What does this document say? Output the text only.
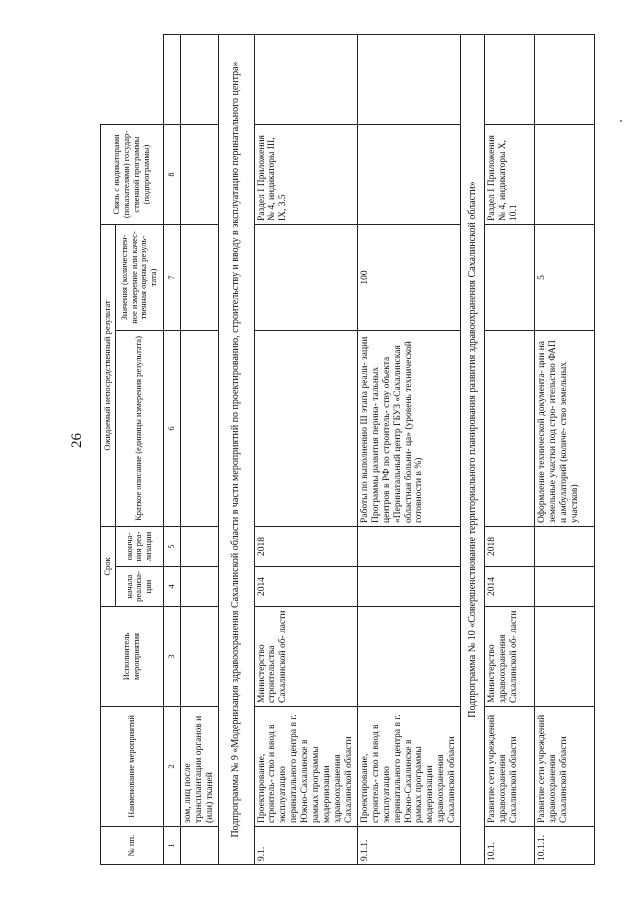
26
№ пп.	Наименование мероприятий	Исполнитель мероприятия	Срок		Ожидаемый непосредственный результат		Связь с индикаторами (показателями) государ- ственной программы (подпрограммы)	
			начала реализа- ции	оконча- ния реа- лизации	Краткое описание (единицы измерения результата)	Значения (количествен- ное измерение или качес- твенная оценка резуль- тата)		

1	2	3	4	5	6	7	8	
	зом, лиц после трансплантации органов и (или) тканей							
Подпрограмма № 9 «Модернизация здравоохранения Сахалинской области в части мероприятий по проектированию, строительству и вводу в эксплуатацию перинатального центра»								
9.1.	Проектирование, строитель- ство и ввод в эксплуатацию перинатального центра в г. Южно-Сахалинске в рамках программы модернизации здравоохранения Сахалинской области	Министерство строительства Сахалинской об- ласти	2014	2018			Раздел I Приложения № 4, индикаторы III, IX, 3.5	
9.1.1.	Проектирование, строитель- ство и ввод в эксплуатацию перинатального центра в г. Южно-Сахалинске в рамках программы модернизации здравоохранения Сахалинской области				Работы по выполнению III этапа реали- зации Программы развития перина- тальных центров в РФ по строитель- ству объекта «Перинатальный центр ГБУЗ «Сахалинская областная больни- ца» (уровень технической готовности в %)	100		
Подпрограмма № 10 «Совершенствование территориального планирования развития здравоохранения Сахалинской области»								
10.1.	Развитие сети учреждений здравоохранения Сахалинской области	Министерство здравоохранения Сахалинской об- ласти	2014	2018			Раздел I Приложения № 4, индикаторы X, 10.1	
10.1.1.	Развитие сети учреждений здравоохранения Сахалинской области				Оформление технической документа- ции на земельные участки под стро- ительство ФАП и амбулаторий (количе- ство земельных участков)	5		
